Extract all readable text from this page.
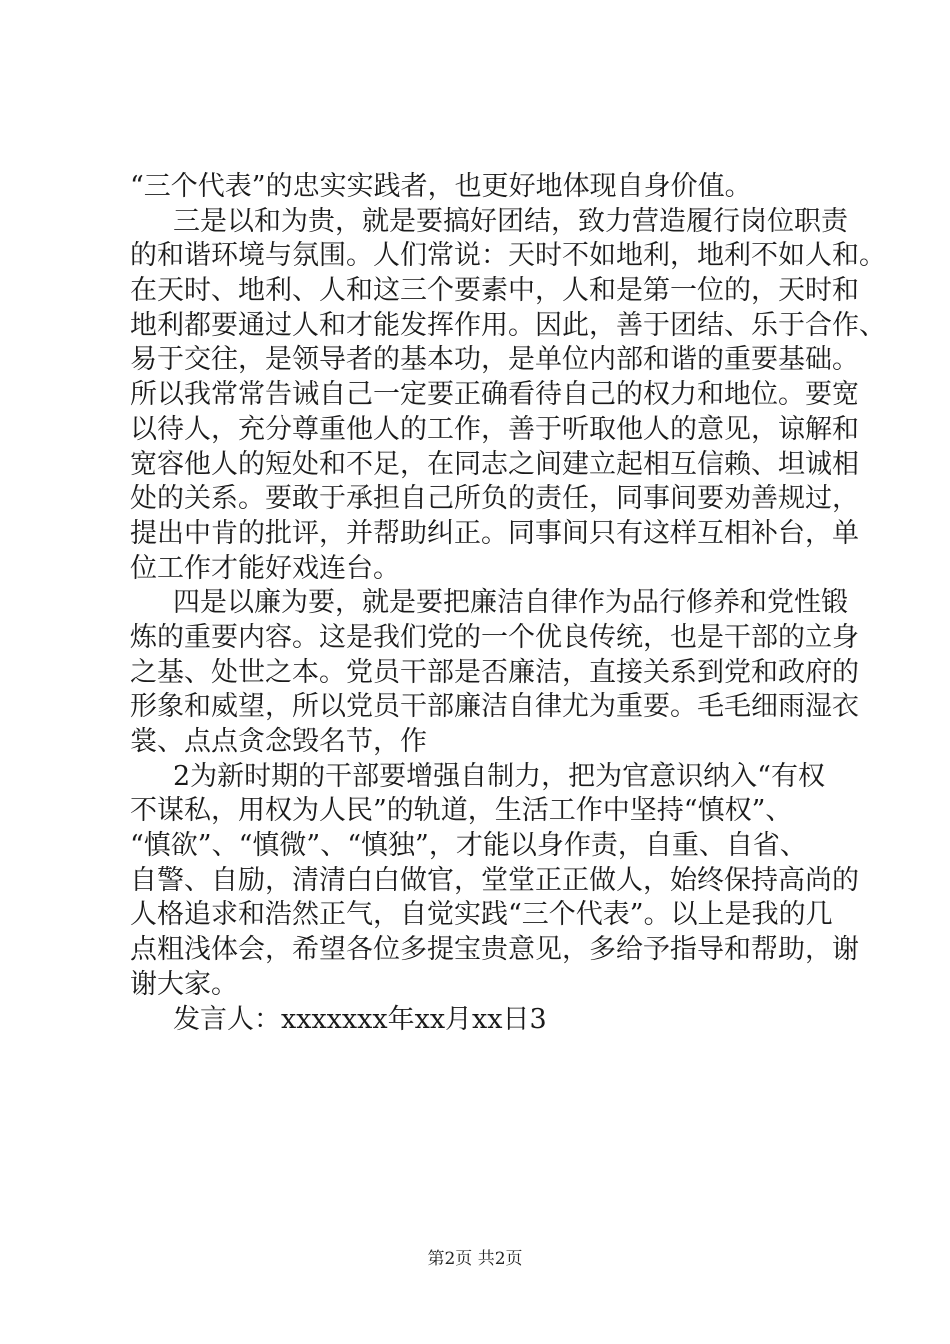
“三个代表”的忠实实践者，也更好地体现自身价值。
三是以和为贵，就是要搞好团结，致力营造履行岗位职责
的和谐环境与氛围。人们常说：天时不如地利，地利不如人和。
在天时、地利、人和这三个要素中，人和是第一位的，天时和
地利都要通过人和才能发挥作用。因此，善于团结、乐于合作、
易于交往，是领导者的基本功，是单位内部和谐的重要基础。
所以我常常告诫自己一定要正确看待自己的权力和地位。要宽
以待人，充分尊重他人的工作，善于听取他人的意见，谅解和
宽容他人的短处和不足，在同志之间建立起相互信赖、坦诚相
处的关系。要敢于承担自己所负的责任，同事间要劝善规过，
提出中肯的批评，并帮助纠正。同事间只有这样互相补台，单
位工作才能好戏连台。
四是以廉为要，就是要把廉洁自律作为品行修养和党性锻
炼的重要内容。这是我们党的一个优良传统，也是干部的立身
之基、处世之本。党员干部是否廉洁，直接关系到党和政府的
形象和威望，所以党员干部廉洁自律尤为重要。毛毛细雨湿衣
裳、点点贪念毁名节，作
2为新时期的干部要增强自制力，把为官意识纳入“有权
不谋私，用权为人民”的轨道，生活工作中坚持“慎权”、
“慎欲”、“慎微”、“慎独”，才能以身作责，自重、自省、
自警、自励，清清白白做官，堂堂正正做人，始终保持高尚的
人格追求和浩然正气，自觉实践“三个代表”。以上是我的几
点粗浅体会，希望各位多提宝贵意见，多给予指导和帮助，谢
谢大家。
发言人：xxxxxxx年xx月xx日3
第2页 共2页
